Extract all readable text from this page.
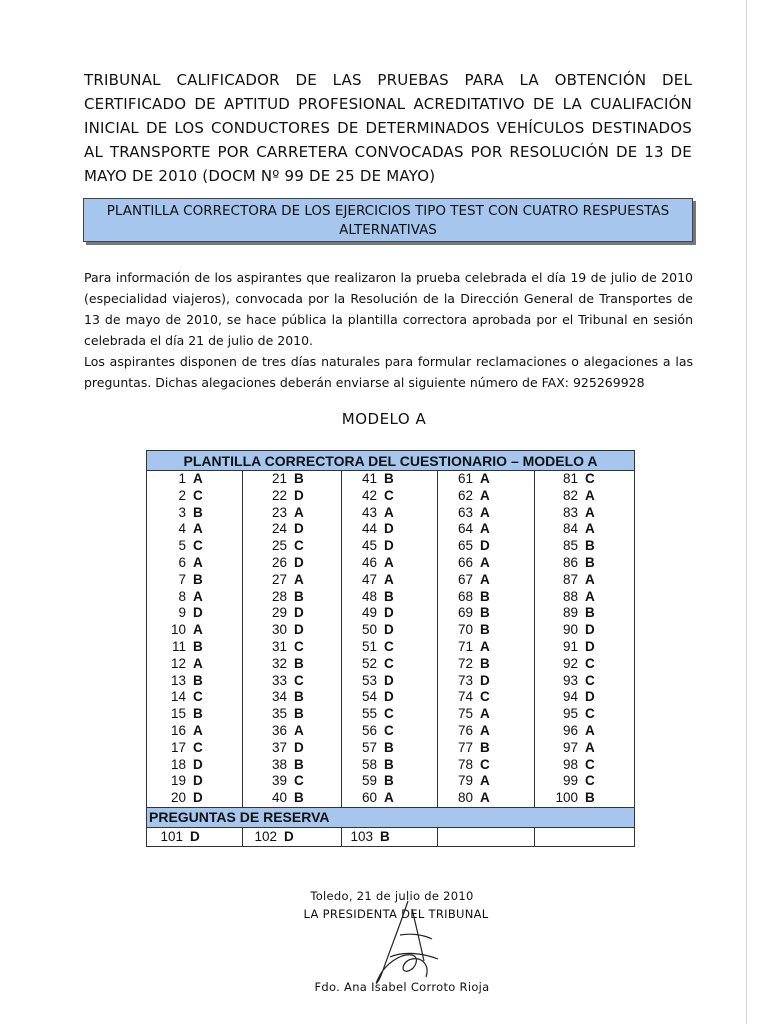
TRIBUNAL CALIFICADOR DE LAS PRUEBAS PARA LA OBTENCIÓN DEL CERTIFICADO DE APTITUD PROFESIONAL ACREDITATIVO DE LA CUALIFACIÓN INICIAL DE LOS CONDUCTORES DE DETERMINADOS VEHÍCULOS DESTINADOS AL TRANSPORTE POR CARRETERA CONVOCADAS POR RESOLUCIÓN DE 13 DE MAYO DE 2010 (DOCM Nº 99 DE 25 DE MAYO)

PLANTILLA CORRECTORA DE LOS EJERCICIOS TIPO TEST CON CUATRO RESPUESTAS
ALTERNATIVAS

Para información de los aspirantes que realizaron la prueba celebrada el día 19 de julio de 2010 (especialidad viajeros), convocada por la Resolución de la Dirección General de Transportes de 13 de mayo de 2010, se hace pública la plantilla correctora aprobada por el Tribunal en sesión celebrada el día 21 de julio de 2010.

Los aspirantes disponen de tres días naturales para formular reclamaciones o alegaciones a las preguntas. Dichas alegaciones deberán enviarse al siguiente número de FAX: 925269928

MODELO A
PLANTILLA CORRECTORA DEL CUESTIONARIO – MODELO A				

1 A	21 B	41 B	61 A	81 C

2 C	22 D	42 C	62 A	82 A

3 B	23 A	43 A	63 A	83 A

4 A	24 D	44 D	64 A	84 A

5 C	25 C	45 D	65 D	85 B

6 A	26 D	46 A	66 A	86 B

7 B	27 A	47 A	67 A	87 A

8 A	28 B	48 B	68 B	88 A

9 D	29 D	49 D	69 B	89 B

10 A	30 D	50 D	70 B	90 D

11 B	31 C	51 C	71 A	91 D

12 A	32 B	52 C	72 B	92 C

13 B	33 C	53 D	73 D	93 C

14 C	34 B	54 D	74 C	94 D

15 B	35 B	55 C	75 A	95 C

16 A	36 A	56 C	76 A	96 A

17 C	37 D	57 B	77 B	97 A

18 D	38 B	58 B	78 C	98 C

19 D	39 C	59 B	79 A	99 C

20 D	40 B	60 A	80 A	100 B

PREGUNTAS DE RESERVA				

101 D	102 D	103 B		

Toledo, 21 de julio de 2010
LA PRESIDENTA DEL TRIBUNAL
Fdo. Ana Isabel Corroto Rioja
